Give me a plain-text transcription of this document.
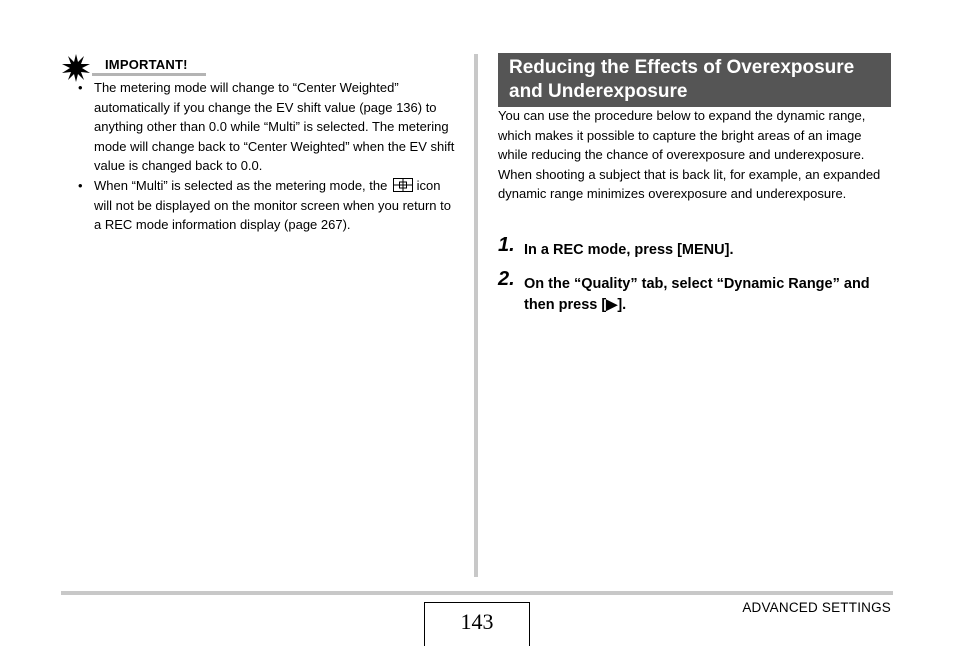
IMPORTANT!
• The metering mode will change to “Center Weighted” automatically if you change the EV shift value (page 136) to anything other than 0.0 while “Multi” is selected. The metering mode will change back to “Center Weighted” when the EV shift value is changed back to 0.0.
• When “Multi” is selected as the metering mode, the
icon will not be displayed on the monitor screen when you return to a REC mode information display (page 267).
Reducing the Effects of Overexposure and Underexposure
You can use the procedure below to expand the dynamic range, which makes it possible to capture the bright areas of an image while reducing the chance of overexposure and underexposure. When shooting a subject that is back lit, for example, an expanded dynamic range minimizes overexposure and underexposure.
1. In a REC mode, press [MENU].
2. On the “Quality” tab, select “Dynamic Range” and then press [▶].
ADVANCED SETTINGS
143
